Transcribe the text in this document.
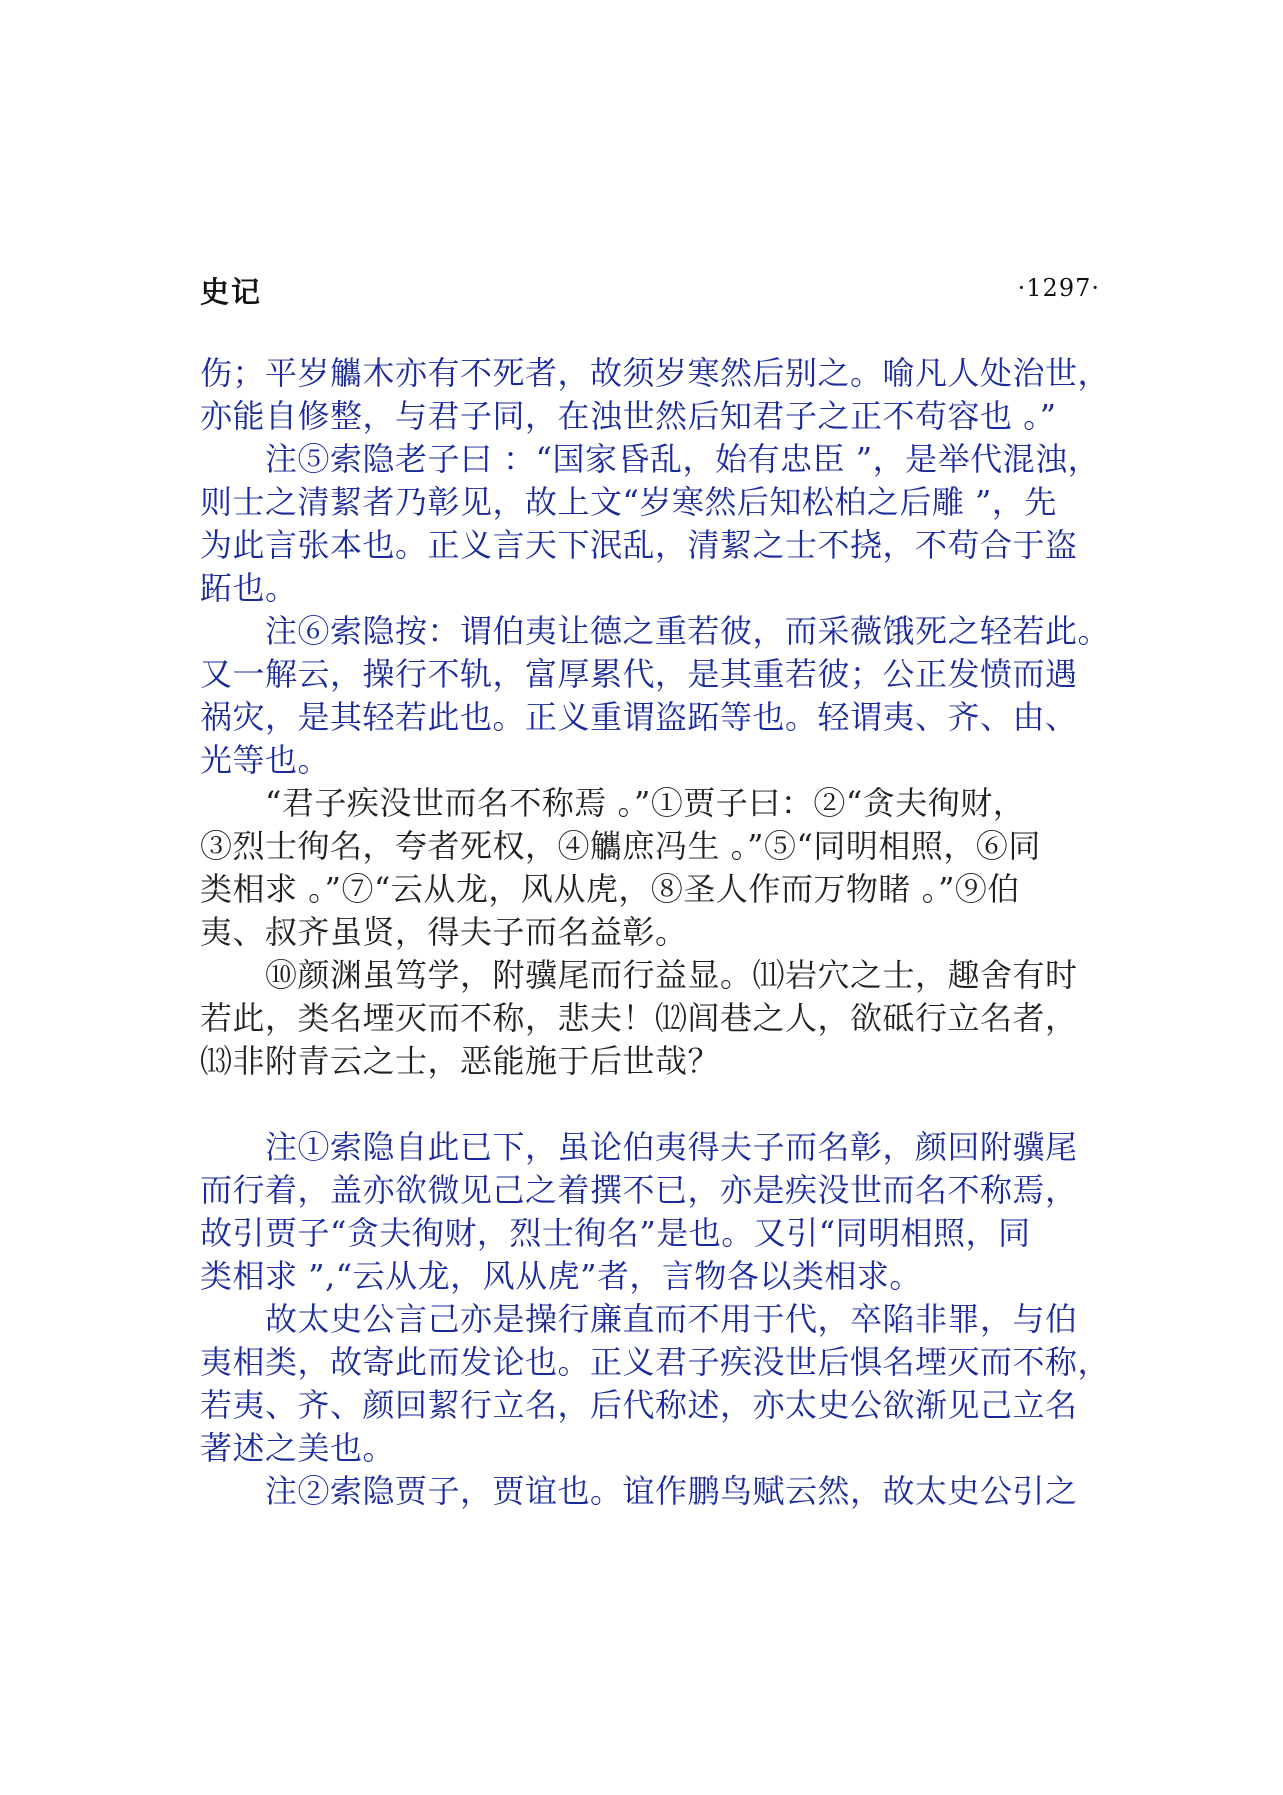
史记	·1297·
伤；平岁觿木亦有不死者，故须岁寒然后别之。喻凡人处治世，
亦能自修整，与君子同，在浊世然后知君子之正不苟容也 。”
　　注⑤索隐老子曰 ：“国家昏乱，始有忠臣 ”，是举代混浊，
则士之清絜者乃彰见，故上文“岁寒然后知松柏之后雕 ”，先
为此言张本也。正义言天下泯乱，清絜之士不挠，不苟合于盗
跖也。
　　注⑥索隐按：谓伯夷让德之重若彼，而采薇饿死之轻若此。
又一解云，操行不轨，富厚累代，是其重若彼；公正发愤而遇
祸灾，是其轻若此也。正义重谓盗跖等也。轻谓夷、齐、由、
光等也。
　　“君子疾没世而名不称焉 。”①贾子曰：②“贪夫徇财，
③烈士徇名，夸者死权，④觿庶冯生 。”⑤“同明相照，⑥同
类相求 。”⑦“云从龙，风从虎，⑧圣人作而万物睹 。”⑨伯
夷、叔齐虽贤，得夫子而名益彰。
　　⑩颜渊虽笃学，附骥尾而行益显。⑾岩穴之士，趣舍有时
若此，类名堙灭而不称，悲夫！⑿闾巷之人，欲砥行立名者，
⒀非附青云之士，恶能施于后世哉？
　　注①索隐自此已下，虽论伯夷得夫子而名彰，颜回附骥尾
而行着，盖亦欲微见己之着撰不已，亦是疾没世而名不称焉，
故引贾子“贪夫徇财，烈士徇名”是也。又引“同明相照，同
类相求 ”,“云从龙，风从虎”者，言物各以类相求。
　　故太史公言己亦是操行廉直而不用于代，卒陷非罪，与伯
夷相类，故寄此而发论也。正义君子疾没世后惧名堙灭而不称，
若夷、齐、颜回絜行立名，后代称述，亦太史公欲渐见己立名
著述之美也。
　　注②索隐贾子，贾谊也。谊作鹏鸟赋云然，故太史公引之
